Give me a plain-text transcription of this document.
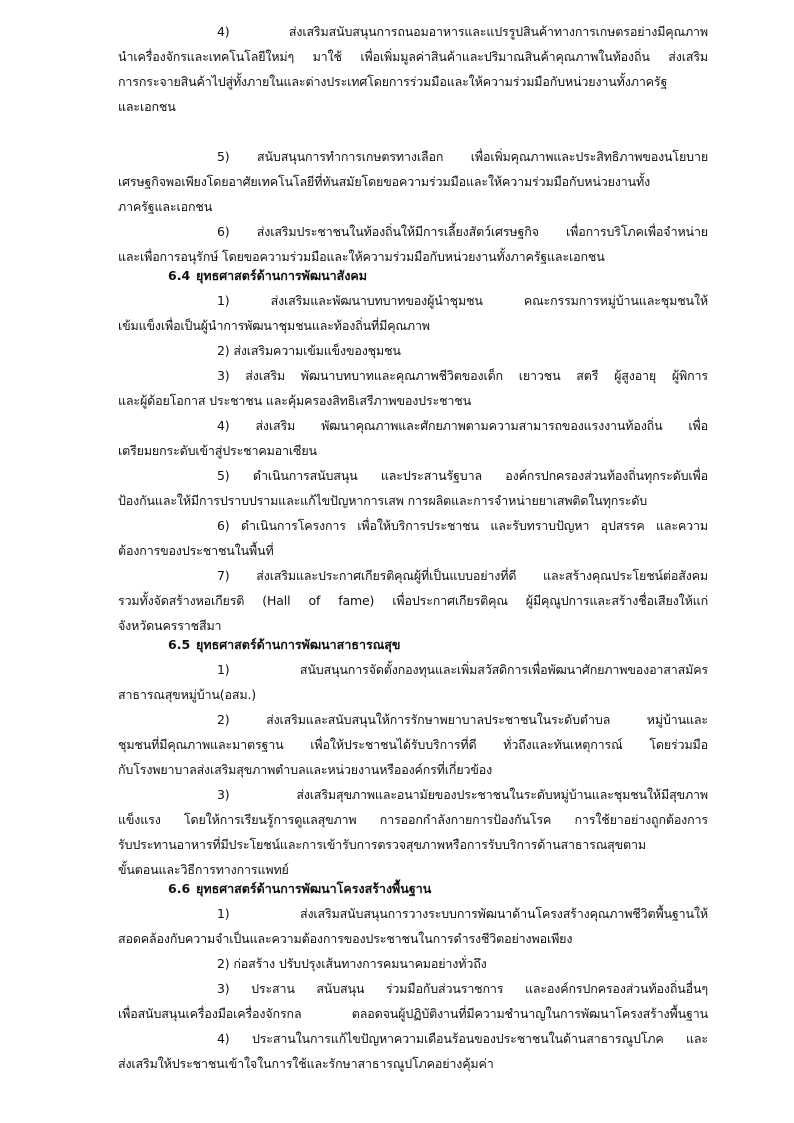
4) ส่งเสริมสนับสนุนการถนอมอาหารและแปรรูปสินค้าทางการเกษตรอย่างมีคุณภาพ
นำเครื่องจักรและเทคโนโลยีใหม่ๆ มาใช้ เพื่อเพิ่มมูลค่าสินค้าและปริมาณสินค้าคุณภาพในท้องถิ่น ส่งเสริม
การกระจายสินค้าไปสู่ทั้งภายในและต่างประเทศโดยการร่วมมือและให้ความร่วมมือกับหน่วยงานทั้งภาครัฐ
และเอกชน
5) สนับสนุนการทำการเกษตรทางเลือก เพื่อเพิ่มคุณภาพและประสิทธิภาพของนโยบาย
เศรษฐกิจพอเพียงโดยอาศัยเทคโนโลยีที่ทันสมัยโดยขอความร่วมมือและให้ความร่วมมือกับหน่วยงานทั้ง
ภาครัฐและเอกชน
6) ส่งเสริมประชาชนในท้องถิ่นให้มีการเลี้ยงสัตว์เศรษฐกิจ เพื่อการบริโภคเพื่อจำหน่าย
และเพื่อการอนุรักษ์ โดยขอความร่วมมือและให้ความร่วมมือกับหน่วยงานทั้งภาครัฐและเอกชน
6.4 ยุทธศาสตร์ด้านการพัฒนาสังคม
1) ส่งเสริมและพัฒนาบทบาทของผู้นำชุมชน คณะกรรมการหมู่บ้านและชุมชนให้
เข้มแข็งเพื่อเป็นผู้นำการพัฒนาชุมชนและท้องถิ่นที่มีคุณภาพ
2) ส่งเสริมความเข้มแข็งของชุมชน
3) ส่งเสริม พัฒนาบทบาทและคุณภาพชีวิตของเด็ก เยาวชน สตรี ผู้สูงอายุ ผู้พิการ
และผู้ด้อยโอกาส ประชาชน และคุ้มครองสิทธิเสรีภาพของประชาชน
4) ส่งเสริม พัฒนาคุณภาพและศักยภาพตามความสามารถของแรงงานท้องถิ่น เพื่อ
เตรียมยกระดับเข้าสู่ประชาคมอาเซียน
5) ดำเนินการสนับสนุน และประสานรัฐบาล องค์กรปกครองส่วนท้องถิ่นทุกระดับเพื่อ
ป้องกันและให้มีการปราบปรามและแก้ไขปัญหาการเสพ การผลิตและการจำหน่ายยาเสพติดในทุกระดับ
6) ดำเนินการโครงการ เพื่อให้บริการประชาชน และรับทราบปัญหา อุปสรรค และความ
ต้องการของประชาชนในพื้นที่
7) ส่งเสริมและประกาศเกียรติคุณผู้ที่เป็นแบบอย่างที่ดี และสร้างคุณประโยชน์ต่อสังคม
รวมทั้งจัดสร้างหอเกียรติ (Hall of fame) เพื่อประกาศเกียรติคุณ ผู้มีคุณูปการและสร้างชื่อเสียงให้แก่
จังหวัดนครราชสีมา
6.5 ยุทธศาสตร์ด้านการพัฒนาสาธารณสุข
1) สนับสนุนการจัดตั้งกองทุนและเพิ่มสวัสดิการเพื่อพัฒนาศักยภาพของอาสาสมัคร
สาธารณสุขหมู่บ้าน(อสม.)
2) ส่งเสริมและสนับสนุนให้การรักษาพยาบาลประชาชนในระดับตำบล หมู่บ้านและ
ชุมชนที่มีคุณภาพและมาตรฐาน เพื่อให้ประชาชนได้รับบริการที่ดี ทั่วถึงและทันเหตุการณ์ โดยร่วมมือ
กับโรงพยาบาลส่งเสริมสุขภาพตำบลและหน่วยงานหรือองค์กรที่เกี่ยวข้อง
3) ส่งเสริมสุขภาพและอนามัยของประชาชนในระดับหมู่บ้านและชุมชนให้มีสุขภาพ
แข็งแรง โดยให้การเรียนรู้การดูแลสุขภาพ การออกกำลังกายการป้องกันโรค การใช้ยาอย่างถูกต้องการ
รับประทานอาหารที่มีประโยชน์และการเข้ารับการตรวจสุขภาพหรือการรับบริการด้านสาธารณสุขตาม
ขั้นตอนและวิธีการทางการแพทย์
6.6 ยุทธศาสตร์ด้านการพัฒนาโครงสร้างพื้นฐาน
1) ส่งเสริมสนับสนุนการวางระบบการพัฒนาด้านโครงสร้างคุณภาพชีวิตพื้นฐานให้
สอดคล้องกับความจำเป็นและความต้องการของประชาชนในการดำรงชีวิตอย่างพอเพียง
2) ก่อสร้าง ปรับปรุงเส้นทางการคมนาคมอย่างทั่วถึง
3) ประสาน สนับสนุน ร่วมมือกับส่วนราชการ และองค์กรปกครองส่วนท้องถิ่นอื่นๆ
เพื่อสนับสนุนเครื่องมือเครื่องจักรกล ตลอดจนผู้ปฏิบัติงานที่มีความชำนาญในการพัฒนาโครงสร้างพื้นฐาน
4) ประสานในการแก้ไขปัญหาความเดือนร้อนของประชาชนในด้านสาธารณูปโภค และ
ส่งเสริมให้ประชาชนเข้าใจในการใช้และรักษาสาธารณูปโภคอย่างคุ้มค่า
